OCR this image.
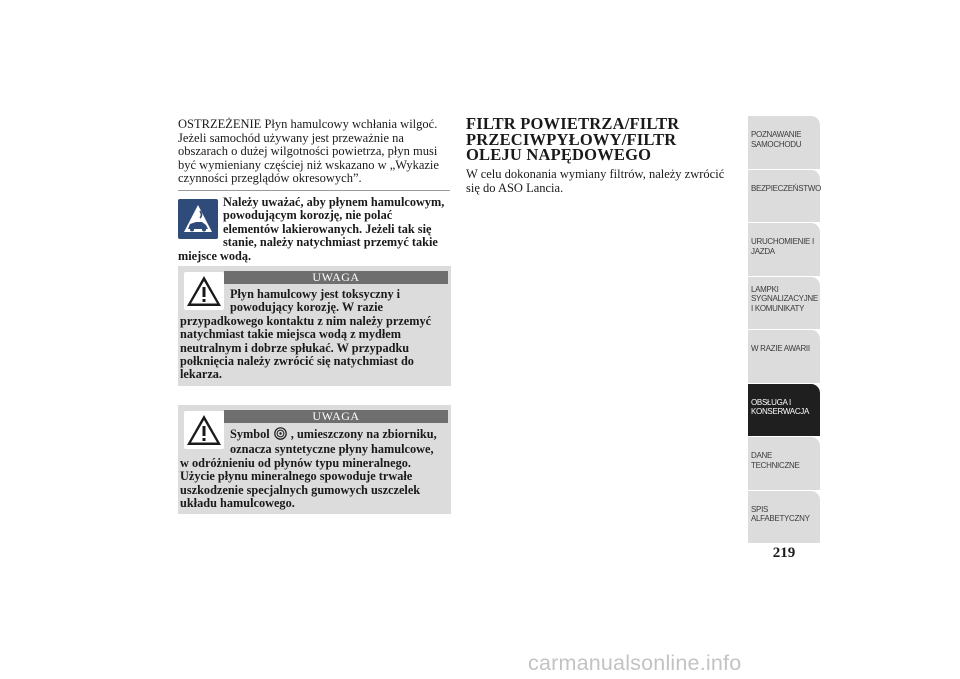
OSTRZEŻENIE Płyn hamulcowy wchłania wilgoć. Jeżeli samochód używany jest przeważnie na obszarach o dużej wilgotności powietrza, płyn musi być wymieniany częściej niż wskazano w „Wykazie czynności przeglądów okresowych”.

Należy uważać, aby płynem hamulcowym, powodującym korozję, nie polać elementów lakierowanych. Jeżeli tak się stanie, należy natychmiast przemyć takie miejsce wodą.
UWAGA
Płyn hamulcowy jest toksyczny i powodujący korozję. W razie przypadkowego kontaktu z nim należy przemyć natychmiast takie miejsca wodą z mydłem neutralnym i dobrze spłukać. W przypadku połknięcia należy zwrócić się natychmiast do lekarza.
UWAGA
Symbol , umieszczony na zbiorniku, oznacza syntetyczne płyny hamulcowe, w odróżnieniu od płynów typu mineralnego. Użycie płynu mineralnego spowoduje trwałe uszkodzenie specjalnych gumowych uszczelek układu hamulcowego.
FILTR POWIETRZA/FILTR PRZECIWPYŁOWY/FILTR OLEJU NAPĘDOWEGO

W celu dokonania wymiany filtrów, należy zwrócić się do ASO Lancia.

POZNAWANIE SAMOCHODU
BEZPIECZEŃSTWO
URUCHOMIENIE I JAZDA
LAMPKI SYGNALIZACYJNE I KOMUNIKATY
W RAZIE AWARII
OBSŁUGA I KONSERWACJA
DANE TECHNICZNE
SPIS ALFABETYCZNY
219
carmanualsonline.info
